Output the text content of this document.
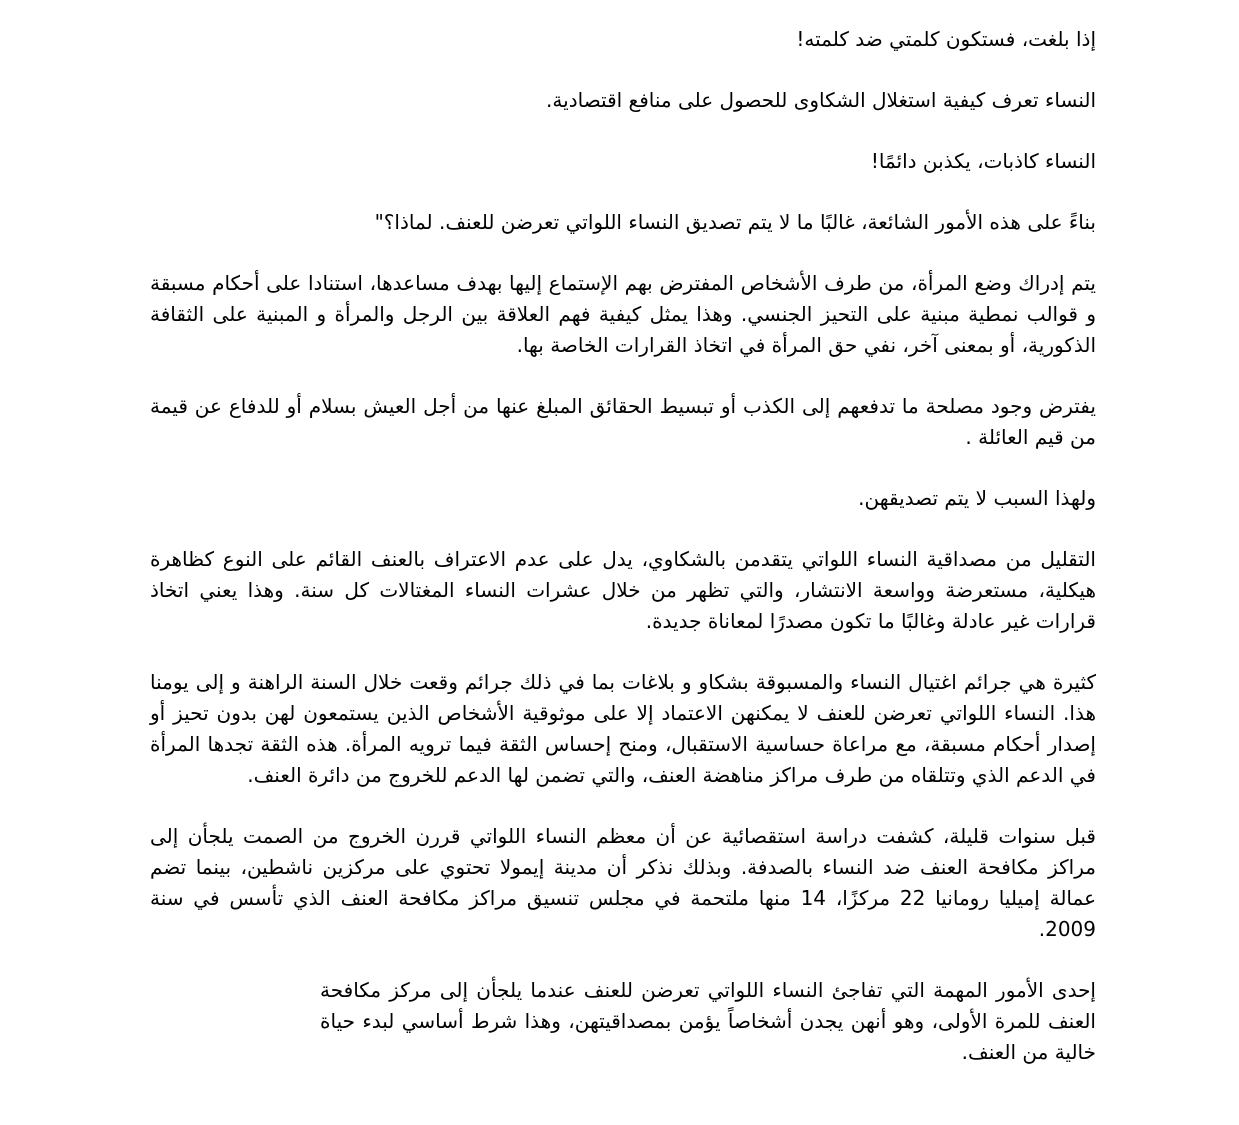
إذا بلغت، فستكون كلمتي ضد كلمته!

النساء تعرف كيفية استغلال الشكاوى للحصول على منافع اقتصادية.

النساء كاذبات، يكذبن دائمًا!

بناءً على هذه الأمور الشائعة، غالبًا ما لا يتم تصديق النساء اللواتي تعرضن للعنف. لماذا؟"

يتم إدراك وضع المرأة، من طرف الأشخاص المفترض بهم الإستماع إليها بهدف مساعدها، استنادا على أحكام مسبقة و قوالب نمطية مبنية على التحيز الجنسي. وهذا يمثل كيفية فهم العلاقة بين الرجل والمرأة و المبنية على الثقافة الذكورية، أو بمعنى آخر، نفي حق المرأة في اتخاذ القرارات الخاصة بها.

يفترض وجود مصلحة ما تدفعهم إلى الكذب أو تبسيط الحقائق المبلغ عنها من أجل العيش بسلام أو للدفاع عن قيمة من قيم العائلة .

ولهذا السبب لا يتم تصديقهن.

التقليل من مصداقية النساء اللواتي يتقدمن بالشكاوي، يدل على عدم الاعتراف بالعنف القائم على النوع كظاهرة هيكلية، مستعرضة وواسعة الانتشار، والتي تظهر من خلال عشرات النساء المغتالات كل سنة. وهذا يعني اتخاذ قرارات غير عادلة وغالبًا ما تكون مصدرًا لمعاناة جديدة.

كثيرة هي جرائم اغتيال النساء والمسبوقة بشكاو و بلاغات بما في ذلك جرائم وقعت خلال السنة الراهنة و إلى يومنا هذا. النساء اللواتي تعرضن للعنف لا يمكنهن الاعتماد إلا على موثوقية الأشخاص الذين يستمعون لهن بدون تحيز أو إصدار أحكام مسبقة، مع مراعاة حساسية الاستقبال، ومنح إحساس الثقة فيما ترويه المرأة. هذه الثقة تجدها المرأة في الدعم الذي وتتلقاه من طرف مراكز مناهضة العنف، والتي تضمن لها الدعم للخروج من دائرة العنف.

قبل سنوات قليلة، كشفت دراسة استقصائية عن أن معظم النساء اللواتي قررن الخروج من الصمت يلجأن إلى مراكز مكافحة العنف ضد النساء بالصدفة. وبذلك نذكر أن مدينة إيمولا تحتوي على مركزين ناشطين، بينما تضم عمالة إميليا رومانيا 22 مركزًا، 14 منها ملتحمة في مجلس تنسيق مراكز مكافحة العنف الذي تأسس في سنة 2009.

إحدى الأمور المهمة التي تفاجئ النساء اللواتي تعرضن للعنف عندما يلجأن إلى مركز مكافحة العنف للمرة الأولى، وهو أنهن يجدن أشخاصاً يؤمن بمصداقيتهن، وهذا شرط أساسي لبدء حياة خالية من العنف.
